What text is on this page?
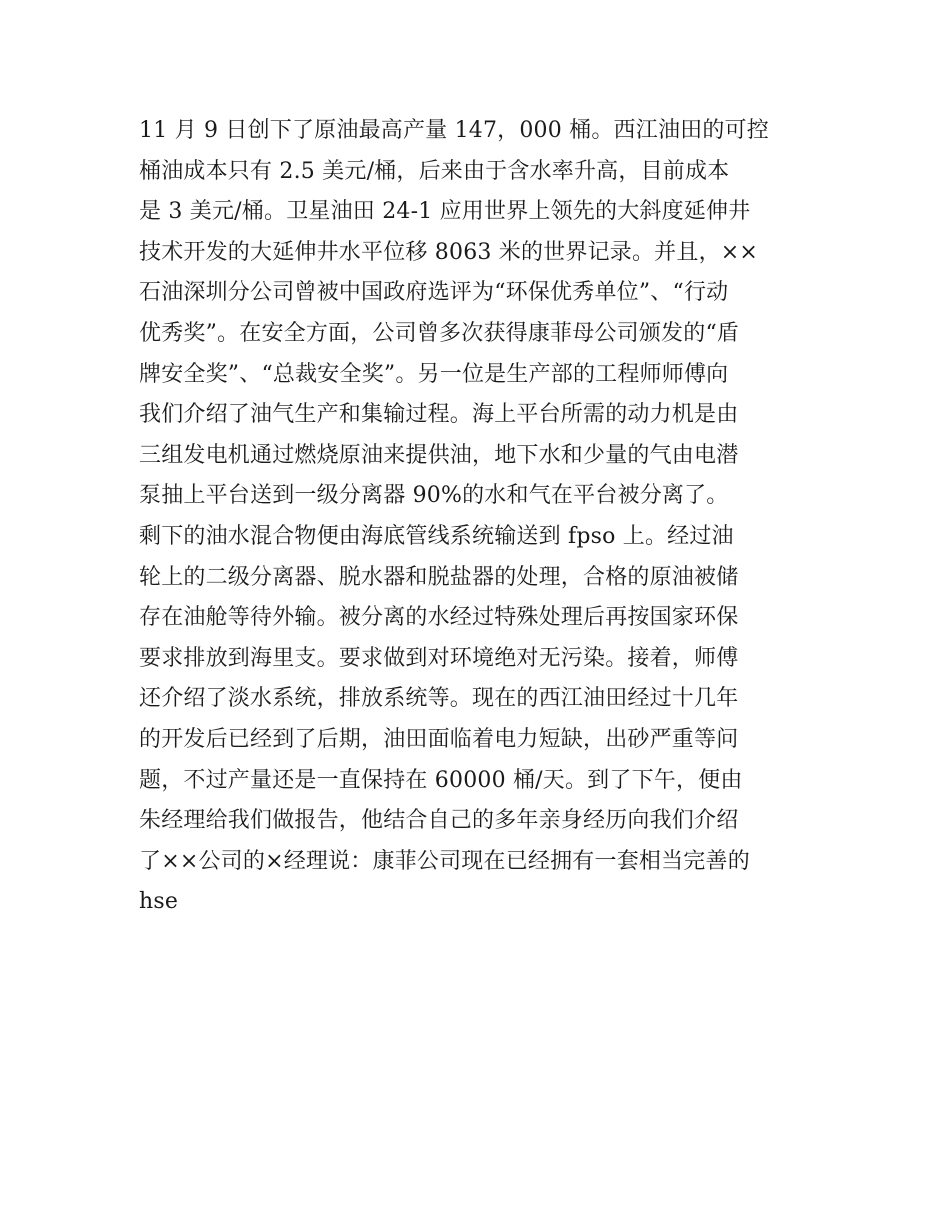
11 月 9 日创下了原油最高产量 147，000 桶。西江油田的可控
桶油成本只有 2.5 美元/桶，后来由于含水率升高，目前成本
是 3 美元/桶。卫星油田 24-1 应用世界上领先的大斜度延伸井
技术开发的大延伸井水平位移 8063 米的世界记录。并且，××
石油深圳分公司曾被中国政府选评为“环保优秀单位”、“行动
优秀奖”。在安全方面，公司曾多次获得康菲母公司颁发的“盾
牌安全奖”、“总裁安全奖”。另一位是生产部的工程师师傅向
我们介绍了油气生产和集输过程。海上平台所需的动力机是由
三组发电机通过燃烧原油来提供油，地下水和少量的气由电潜
泵抽上平台送到一级分离器 90%的水和气在平台被分离了。
剩下的油水混合物便由海底管线系统输送到 fpso 上。经过油
轮上的二级分离器、脱水器和脱盐器的处理，合格的原油被储
存在油舱等待外输。被分离的水经过特殊处理后再按国家环保
要求排放到海里支。要求做到对环境绝对无污染。接着，师傅
还介绍了淡水系统，排放系统等。现在的西江油田经过十几年
的开发后已经到了后期，油田面临着电力短缺，出砂严重等问
题，不过产量还是一直保持在 60000 桶/天。到了下午，便由
朱经理给我们做报告，他结合自己的多年亲身经历向我们介绍
了××公司的×经理说：康菲公司现在已经拥有一套相当完善的
hse
